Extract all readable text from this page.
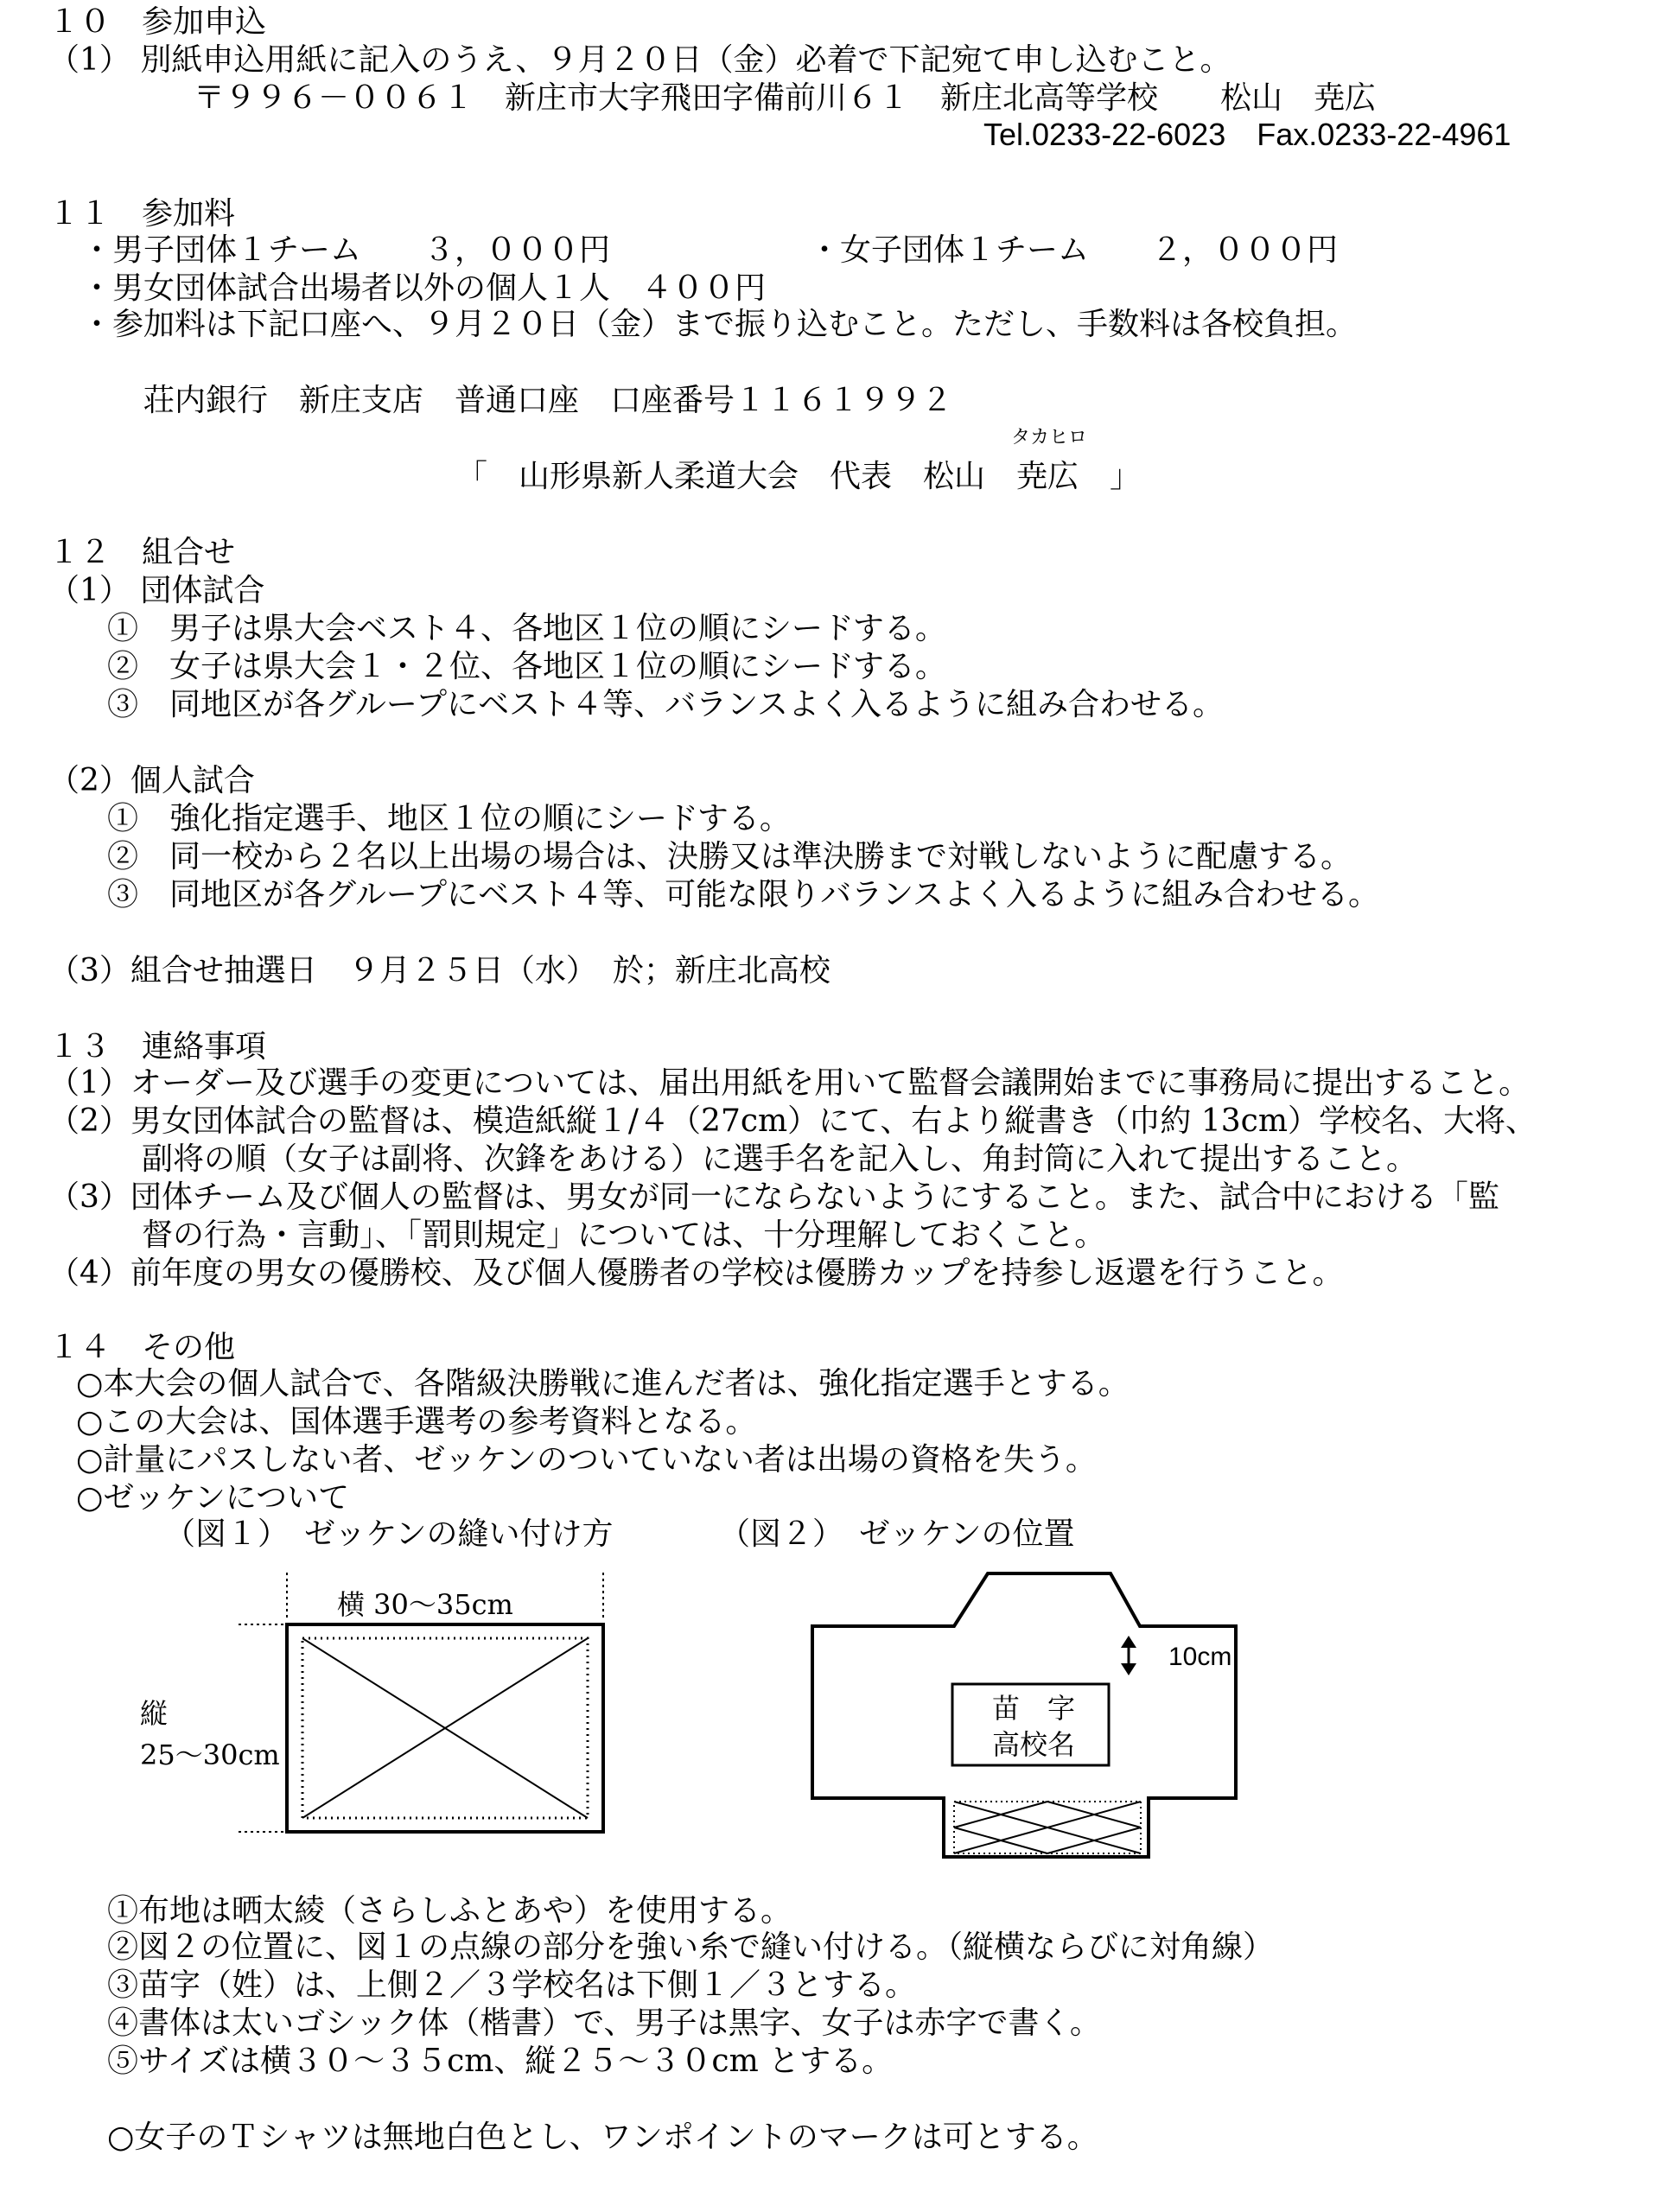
１０　参加申込
（1） 別紙申込用紙に記入のうえ、９月２０日（金）必着で下記宛て申し込むこと。
〒９９６－００６１　新庄市大字飛田字備前川６１　新庄北高等学校　　松山　尭広
Tel.0233-22-6023　Fax.0233-22-4961
１１　参加料
・男子団体１チーム　　３，０００円	・女子団体１チーム　　２，０００円
・男女団体試合出場者以外の個人１人　４００円
・参加料は下記口座へ、９月２０日（金）まで振り込むこと。ただし、手数料は各校負担。
荘内銀行　新庄支店　普通口座　口座番号１１６１９９２
タカヒロ
「　山形県新人柔道大会　代表　松山　尭広　」
１２　組合せ
（1） 団体試合
①　男子は県大会ベスト４、各地区１位の順にシードする。
②　女子は県大会１・２位、各地区１位の順にシードする。
③　同地区が各グループにベスト４等、バランスよく入るように組み合わせる。
（2）個人試合
①　強化指定選手、地区１位の順にシードする。
②　同一校から２名以上出場の場合は、決勝又は準決勝まで対戦しないように配慮する。
③　同地区が各グループにベスト４等、可能な限りバランスよく入るように組み合わせる。
（3）組合せ抽選日　９月２５日（水）　於；新庄北高校
１３　連絡事項
（1）オーダー及び選手の変更については、届出用紙を用いて監督会議開始までに事務局に提出すること。
（2）男女団体試合の監督は、模造紙縦１/４（27cm）にて、右より縦書き（巾約 13cm）学校名、大将、
副将の順（女子は副将、次鋒をあける）に選手名を記入し、角封筒に入れて提出すること。
（3）団体チーム及び個人の監督は、男女が同一にならないようにすること。また、試合中における「監
督の行為・言動」、「罰則規定」については、十分理解しておくこと。
（4）前年度の男女の優勝校、及び個人優勝者の学校は優勝カップを持参し返還を行うこと。
１４　その他
○本大会の個人試合で、各階級決勝戦に進んだ者は、強化指定選手とする。
○この大会は、国体選手選考の参考資料となる。
○計量にパスしない者、ゼッケンのついていない者は出場の資格を失う。
○ゼッケンについて
（図１）　ゼッケンの縫い付け方	（図２）　ゼッケンの位置
横 30～35cm
縦
25～30cm
10cm
苗　字
高校名
①布地は晒太綾（さらしふとあや）を使用する。
②図２の位置に、図１の点線の部分を強い糸で縫い付ける。（縦横ならびに対角線）
③苗字（姓）は、上側２／３学校名は下側１／３とする。
④書体は太いゴシック体（楷書）で、男子は黒字、女子は赤字で書く。
⑤サイズは横３０～３５cm、縦２５～３０cm とする。
○女子のＴシャツは無地白色とし、ワンポイントのマークは可とする。
